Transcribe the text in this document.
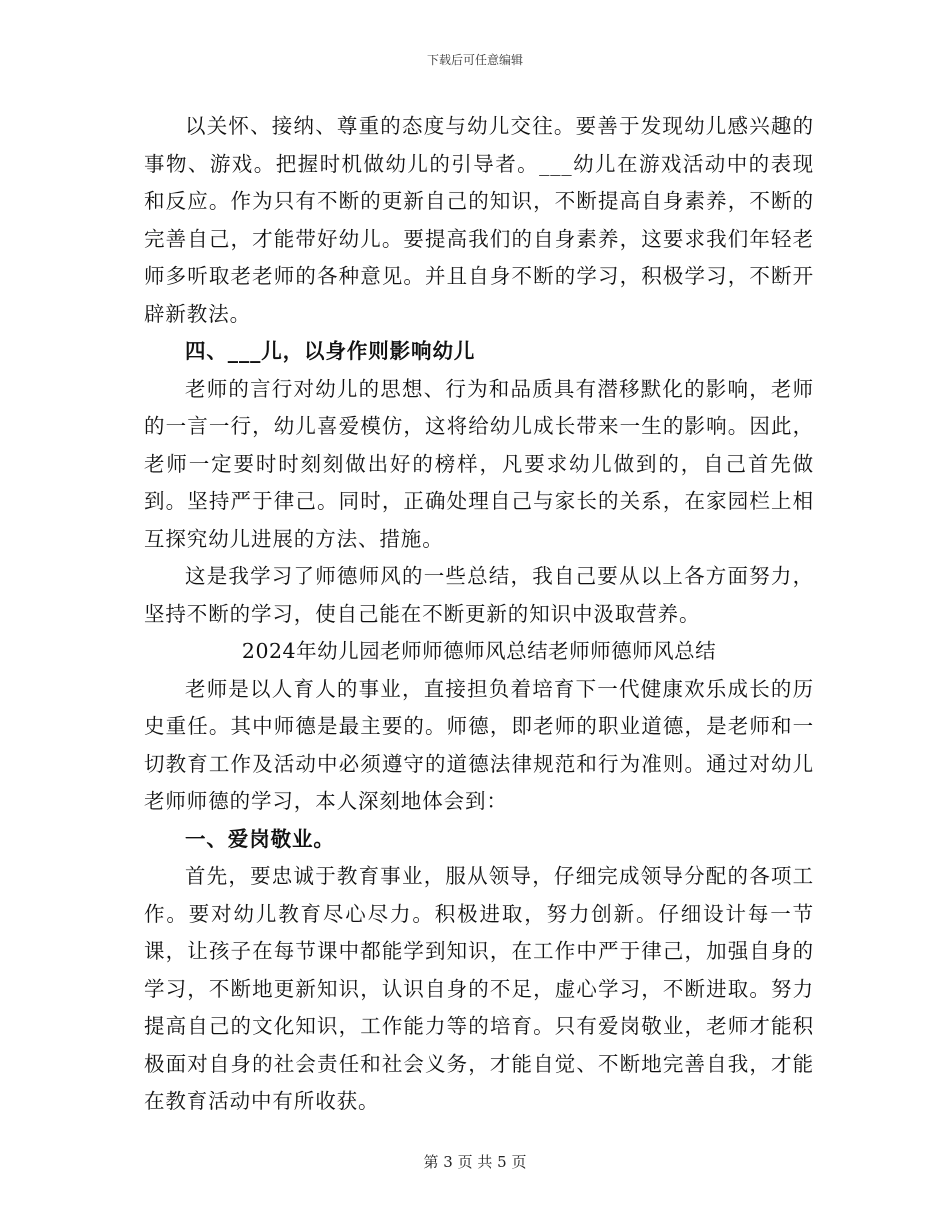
下载后可任意编辑

以关怀、接纳、尊重的态度与幼儿交往。要善于发现幼儿感兴趣的事物、游戏。把握时机做幼儿的引导者。___幼儿在游戏活动中的表现和反应。作为只有不断的更新自己的知识，不断提高自身素养，不断的完善自己，才能带好幼儿。要提高我们的自身素养，这要求我们年轻老师多听取老老师的各种意见。并且自身不断的学习，积极学习，不断开辟新教法。

四、___儿，以身作则影响幼儿

老师的言行对幼儿的思想、行为和品质具有潜移默化的影响，老师的一言一行，幼儿喜爱模仿，这将给幼儿成长带来一生的影响。因此，老师一定要时时刻刻做出好的榜样，凡要求幼儿做到的，自己首先做到。坚持严于律己。同时，正确处理自己与家长的关系，在家园栏上相互探究幼儿进展的方法、措施。

这是我学习了师德师风的一些总结，我自己要从以上各方面努力，坚持不断的学习，使自己能在不断更新的知识中汲取营养。

2024年幼儿园老师师德师风总结老师师德师风总结

老师是以人育人的事业，直接担负着培育下一代健康欢乐成长的历史重任。其中师德是最主要的。师德，即老师的职业道德，是老师和一切教育工作及活动中必须遵守的道德法律规范和行为准则。通过对幼儿老师师德的学习，本人深刻地体会到：

一、爱岗敬业。

首先，要忠诚于教育事业，服从领导，仔细完成领导分配的各项工作。要对幼儿教育尽心尽力。积极进取，努力创新。仔细设计每一节课，让孩子在每节课中都能学到知识，在工作中严于律己，加强自身的学习，不断地更新知识，认识自身的不足，虚心学习，不断进取。努力提高自己的文化知识，工作能力等的培育。只有爱岗敬业，老师才能积极面对自身的社会责任和社会义务，才能自觉、不断地完善自我，才能在教育活动中有所收获。

第 3 页 共 5 页
